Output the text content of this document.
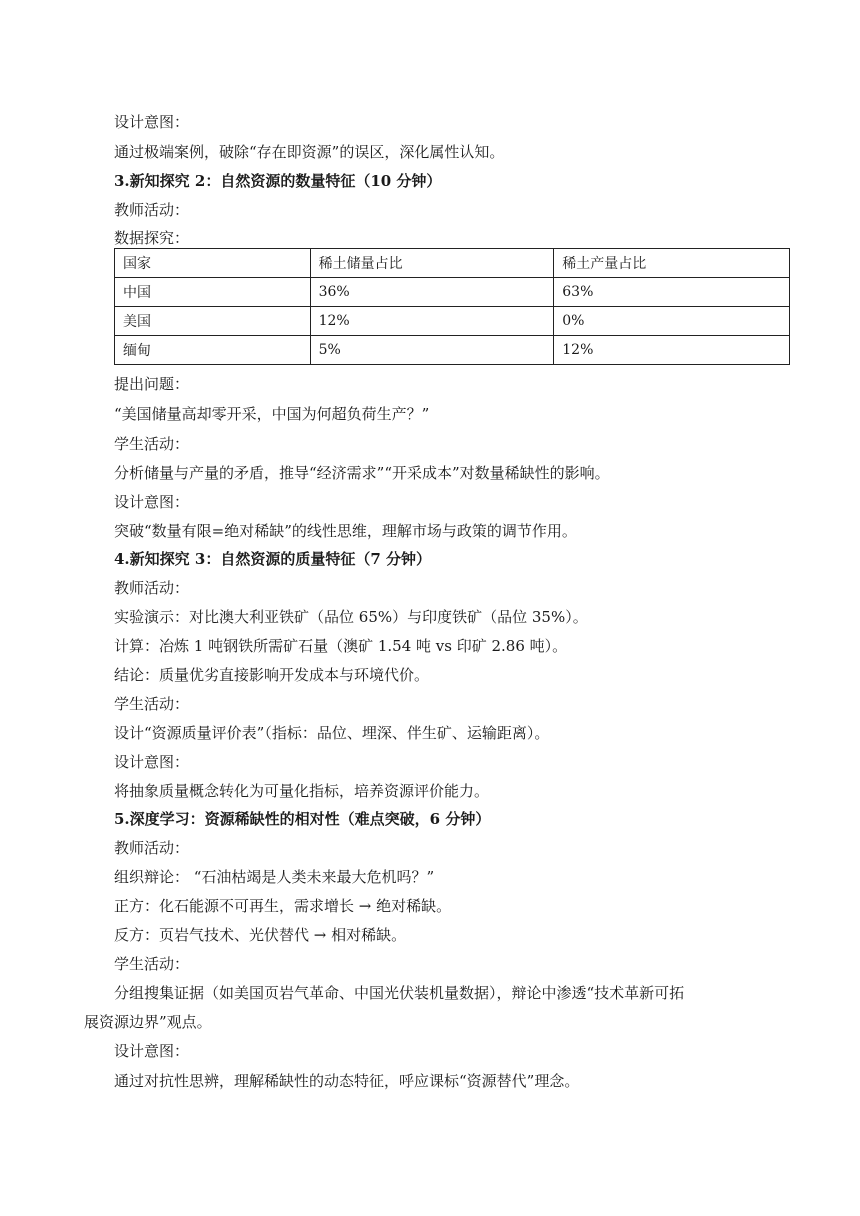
设计意图：
通过极端案例，破除“存在即资源”的误区，深化属性认知。
3.新知探究 2：自然资源的数量特征（10 分钟）
教师活动：
数据探究：
国家	稀土储量占比	稀土产量占比
中国	36%	63%
美国	12%	0%
缅甸	5%	12%
提出问题：
“美国储量高却零开采，中国为何超负荷生产？”
学生活动：
分析储量与产量的矛盾，推导“经济需求”“开采成本”对数量稀缺性的影响。
设计意图：
突破“数量有限=绝对稀缺”的线性思维，理解市场与政策的调节作用。
4.新知探究 3：自然资源的质量特征（7 分钟）
教师活动：
实验演示：对比澳大利亚铁矿（品位 65%）与印度铁矿（品位 35%）。
计算：冶炼 1 吨钢铁所需矿石量（澳矿 1.54 吨 vs 印矿 2.86 吨）。
结论：质量优劣直接影响开发成本与环境代价。
学生活动：
设计“资源质量评价表”（指标：品位、埋深、伴生矿、运输距离）。
设计意图：
将抽象质量概念转化为可量化指标，培养资源评价能力。
5.深度学习：资源稀缺性的相对性（难点突破，6 分钟）
教师活动：
组织辩论： “石油枯竭是人类未来最大危机吗？”
正方：化石能源不可再生，需求增长 → 绝对稀缺。
反方：页岩气技术、光伏替代 → 相对稀缺。
学生活动：
分组搜集证据（如美国页岩气革命、中国光伏装机量数据），辩论中渗透“技术革新可拓
展资源边界”观点。
设计意图：
通过对抗性思辨，理解稀缺性的动态特征，呼应课标“资源替代”理念。
